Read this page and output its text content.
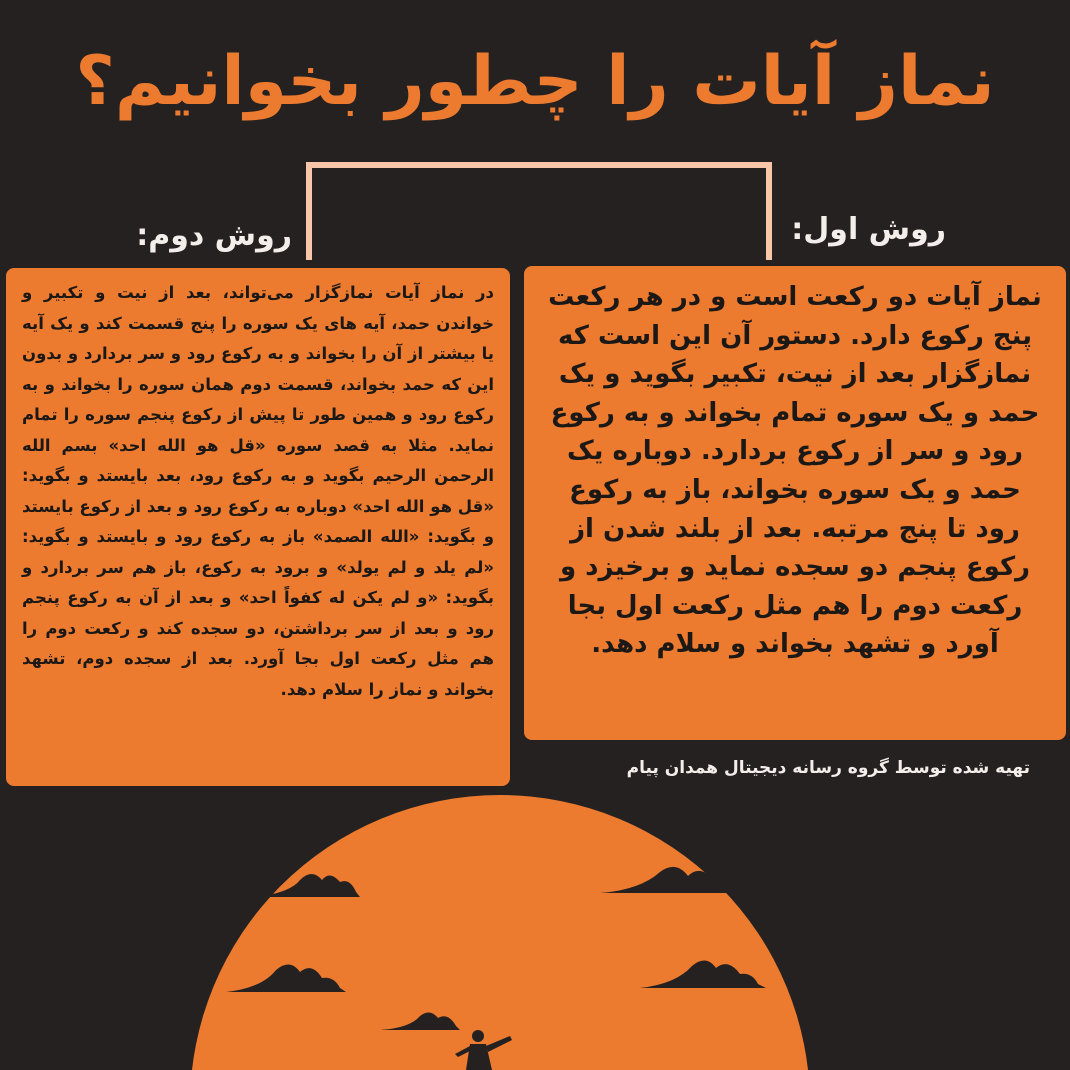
نماز آیات را چطور بخوانیم؟
روش اول:
روش دوم:
در نماز آیات نمازگزار می‌تواند، بعد از نیت و تکبیر و خواندن حمد، آیه های یک سوره را پنج قسمت کند و یک آیه یا بیشتر از آن را بخواند و به رکوع رود و سر بردارد و بدون این که حمد بخواند، قسمت دوم همان سوره را بخواند و به رکوع رود و همین طور تا پیش از رکوع پنجم سوره را تمام نماید. مثلا به قصد سوره «قل هو الله احد» بسم الله الرحمن الرحیم بگوید و به رکوع رود، بعد بایستد و بگوید: «قل هو الله احد» دوباره به رکوع رود و بعد از رکوع بایستد و بگوید: «الله الصمد» باز به رکوع رود و بایستد و بگوید: «لم یلد و لم یولد» و برود به رکوع، باز هم سر بردارد و بگوید: «و لم یکن له کفواً احد» و بعد از آن به رکوع پنجم رود و بعد از سر برداشتن، دو سجده کند و رکعت دوم را هم مثل رکعت اول بجا آورد. بعد از سجده دوم، تشهد بخواند و نماز را سلام دهد.
نماز آیات دو رکعت است و در هر رکعت پنج رکوع دارد. دستور آن این است که نمازگزار بعد از نیت، تکبیر بگوید و یک حمد و یک سوره تمام بخواند و به رکوع رود و سر از رکوع بردارد. دوباره یک حمد و یک سوره بخواند، باز به رکوع رود تا پنج مرتبه. بعد از بلند شدن از رکوع پنجم دو سجده نماید و برخیزد و رکعت دوم را هم مثل رکعت اول بجا آورد و تشهد بخواند و سلام دهد.
تهیه شده توسط گروه رسانه دیجیتال همدان پیام
